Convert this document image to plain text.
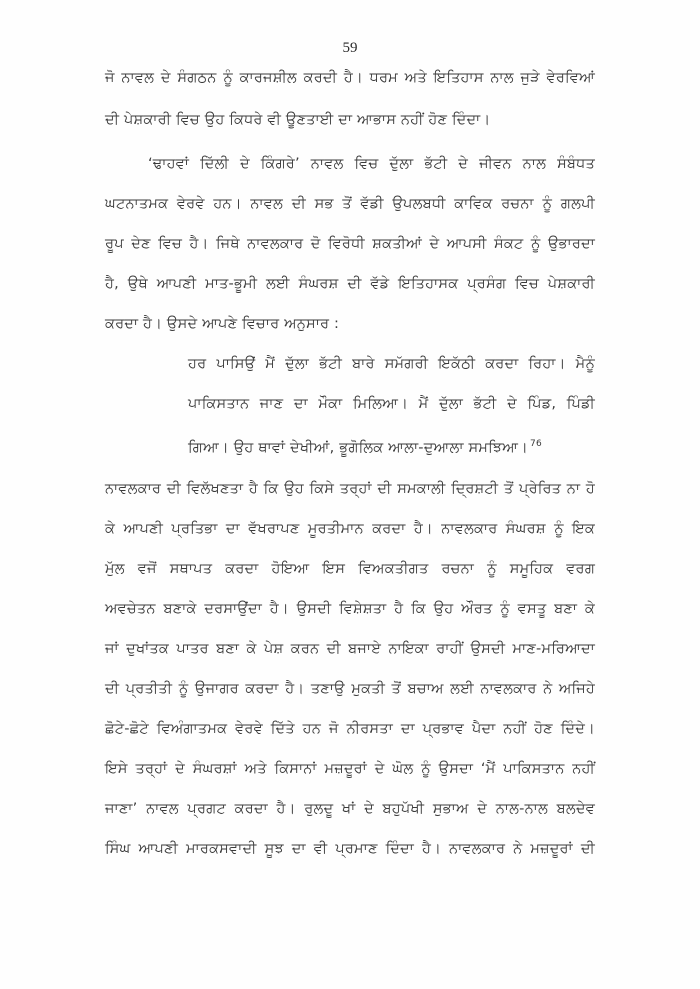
59
ਜੋ ਨਾਵਲ ਦੇ ਸੰਗਠਨ ਨੂੰ ਕਾਰਜਸ਼ੀਲ ਕਰਦੀ ਹੈ। ਧਰਮ ਅਤੇ ਇਤਿਹਾਸ ਨਾਲ ਜੁੜੇ ਵੇਰਵਿਆਂ
ਦੀ ਪੇਸ਼ਕਾਰੀ ਵਿਚ ਉਹ ਕਿਧਰੇ ਵੀ ਊਣਤਾਈ ਦਾ ਆਭਾਸ ਨਹੀਂ ਹੋਣ ਦਿੰਦਾ।
‘ਢਾਹਵਾਂ ਦਿੱਲੀ ਦੇ ਕਿੰਗਰੇ’ ਨਾਵਲ ਵਿਚ ਦੁੱਲਾ ਭੱਟੀ ਦੇ ਜੀਵਨ ਨਾਲ ਸੰਬੰਧਤ
ਘਟਨਾਤਮਕ ਵੇਰਵੇ ਹਨ। ਨਾਵਲ ਦੀ ਸਭ ਤੋਂ ਵੱਡੀ ਉਪਲਬਧੀ ਕਾਵਿਕ ਰਚਨਾ ਨੂੰ ਗਲਪੀ
ਰੂਪ ਦੇਣ ਵਿਚ ਹੈ। ਜਿਥੇ ਨਾਵਲਕਾਰ ਦੋ ਵਿਰੋਧੀ ਸ਼ਕਤੀਆਂ ਦੇ ਆਪਸੀ ਸੰਕਟ ਨੂੰ ਉਭਾਰਦਾ
ਹੈ, ਉਥੇ ਆਪਣੀ ਮਾਤ-ਭੂਮੀ ਲਈ ਸੰਘਰਸ਼ ਦੀ ਵੱਡੇ ਇਤਿਹਾਸਕ ਪ੍ਰਸੰਗ ਵਿਚ ਪੇਸ਼ਕਾਰੀ
ਕਰਦਾ ਹੈ। ਉਸਦੇ ਆਪਣੇ ਵਿਚਾਰ ਅਨੁਸਾਰ :
ਹਰ ਪਾਸਿਉਂ ਮੈਂ ਦੁੱਲਾ ਭੱਟੀ ਬਾਰੇ ਸਮੱਗਰੀ ਇਕੱਠੀ ਕਰਦਾ ਰਿਹਾ। ਮੈਨੂੰ
ਪਾਕਿਸਤਾਨ ਜਾਣ ਦਾ ਮੌਕਾ ਮਿਲਿਆ। ਮੈਂ ਦੁੱਲਾ ਭੱਟੀ ਦੇ ਪਿੰਡ, ਪਿੰਡੀ
ਗਿਆ। ਉਹ ਥਾਵਾਂ ਦੇਖੀਆਂ, ਭੂਗੋਲਿਕ ਆਲਾ-ਦੁਆਲਾ ਸਮਝਿਆ। $^{76}$
ਨਾਵਲਕਾਰ ਦੀ ਵਿਲੱਖਣਤਾ ਹੈ ਕਿ ਉਹ ਕਿਸੇ ਤਰ੍ਹਾਂ ਦੀ ਸਮਕਾਲੀ ਦ੍ਰਿਸ਼ਟੀ ਤੋਂ ਪ੍ਰੇਰਿਤ ਨਾ ਹੋ
ਕੇ ਆਪਣੀ ਪ੍ਰਤਿਭਾ ਦਾ ਵੱਖਰਾਪਣ ਮੂਰਤੀਮਾਨ ਕਰਦਾ ਹੈ। ਨਾਵਲਕਾਰ ਸੰਘਰਸ਼ ਨੂੰ ਇਕ
ਮੁੱਲ ਵਜੋਂ ਸਥਾਪਤ ਕਰਦਾ ਹੋਇਆ ਇਸ ਵਿਅਕਤੀਗਤ ਰਚਨਾ ਨੂੰ ਸਮੂਹਿਕ ਵਰਗ
ਅਵਚੇਤਨ ਬਣਾਕੇ ਦਰਸਾਉਂਦਾ ਹੈ। ਉਸਦੀ ਵਿਸ਼ੇਸ਼ਤਾ ਹੈ ਕਿ ਉਹ ਔਰਤ ਨੂੰ ਵਸਤੂ ਬਣਾ ਕੇ
ਜਾਂ ਦੁਖਾਂਤਕ ਪਾਤਰ ਬਣਾ ਕੇ ਪੇਸ਼ ਕਰਨ ਦੀ ਬਜਾਏ ਨਾਇਕਾ ਰਾਹੀਂ ਉਸਦੀ ਮਾਣ-ਮਰਿਆਦਾ
ਦੀ ਪ੍ਰਤੀਤੀ ਨੂੰ ਉਜਾਗਰ ਕਰਦਾ ਹੈ। ਤਣਾਉ ਮੁਕਤੀ ਤੋਂ ਬਚਾਅ ਲਈ ਨਾਵਲਕਾਰ ਨੇ ਅਜਿਹੇ
ਛੋਟੇ-ਛੋਟੇ ਵਿਅੰਗਾਤਮਕ ਵੇਰਵੇ ਦਿੱਤੇ ਹਨ ਜੋ ਨੀਰਸਤਾ ਦਾ ਪ੍ਰਭਾਵ ਪੈਦਾ ਨਹੀਂ ਹੋਣ ਦਿੰਦੇ।
ਇਸੇ ਤਰ੍ਹਾਂ ਦੇ ਸੰਘਰਸ਼ਾਂ ਅਤੇ ਕਿਸਾਨਾਂ ਮਜ਼ਦੂਰਾਂ ਦੇ ਘੋਲ ਨੂੰ ਉਸਦਾ ‘ਮੈਂ ਪਾਕਿਸਤਾਨ ਨਹੀਂ
ਜਾਣਾ’ ਨਾਵਲ ਪ੍ਰਗਟ ਕਰਦਾ ਹੈ। ਰੁਲਦੂ ਖਾਂ ਦੇ ਬਹੁਪੱਖੀ ਸੁਭਾਅ ਦੇ ਨਾਲ-ਨਾਲ ਬਲਦੇਵ
ਸਿੰਘ ਆਪਣੀ ਮਾਰਕਸਵਾਦੀ ਸੂਝ ਦਾ ਵੀ ਪ੍ਰਮਾਣ ਦਿੰਦਾ ਹੈ। ਨਾਵਲਕਾਰ ਨੇ ਮਜ਼ਦੂਰਾਂ ਦੀ
